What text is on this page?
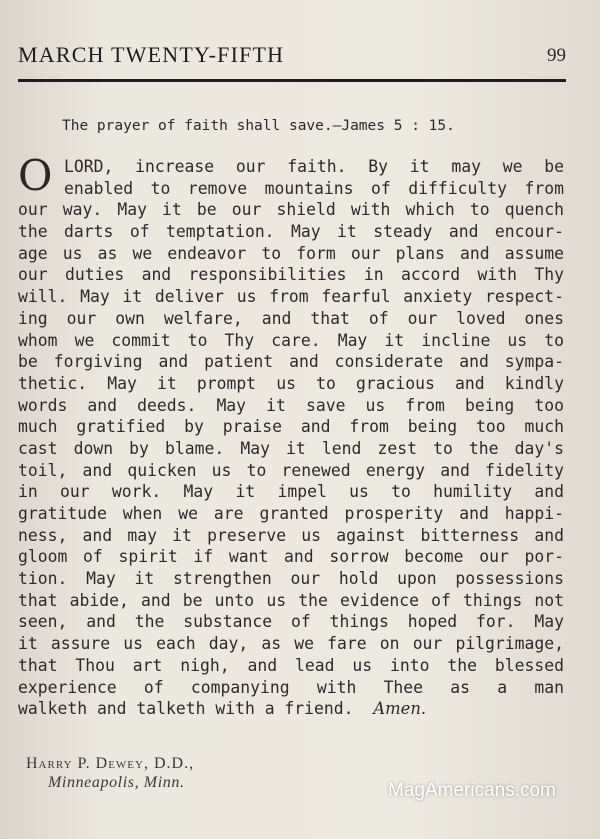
MARCH TWENTY-FIFTH	99
The prayer of faith shall save.—James 5 : 15.
O LORD, increase our faith. By it may we be
enabled to remove mountains of difficulty from
our way. May it be our shield with which to quench
the darts of temptation. May it steady and encour-
age us as we endeavor to form our plans and assume
our duties and responsibilities in accord with Thy
will. May it deliver us from fearful anxiety respect-
ing our own welfare, and that of our loved ones
whom we commit to Thy care. May it incline us to
be forgiving and patient and considerate and sympa-
thetic. May it prompt us to gracious and kindly
words and deeds. May it save us from being too
much gratified by praise and from being too much
cast down by blame. May it lend zest to the day's
toil, and quicken us to renewed energy and fidelity
in our work. May it impel us to humility and
gratitude when we are granted prosperity and happi-
ness, and may it preserve us against bitterness and
gloom of spirit if want and sorrow become our por-
tion. May it strengthen our hold upon possessions
that abide, and be unto us the evidence of things not
seen, and the substance of things hoped for. May
it assure us each day, as we fare on our pilgrimage,
that Thou art nigh, and lead us into the blessed
experience of companying with Thee as a man
walketh and talketh with a friend. Amen.
Harry P. Dewey, D.D.,
Minneapolis, Minn.	MagAmericans.com
